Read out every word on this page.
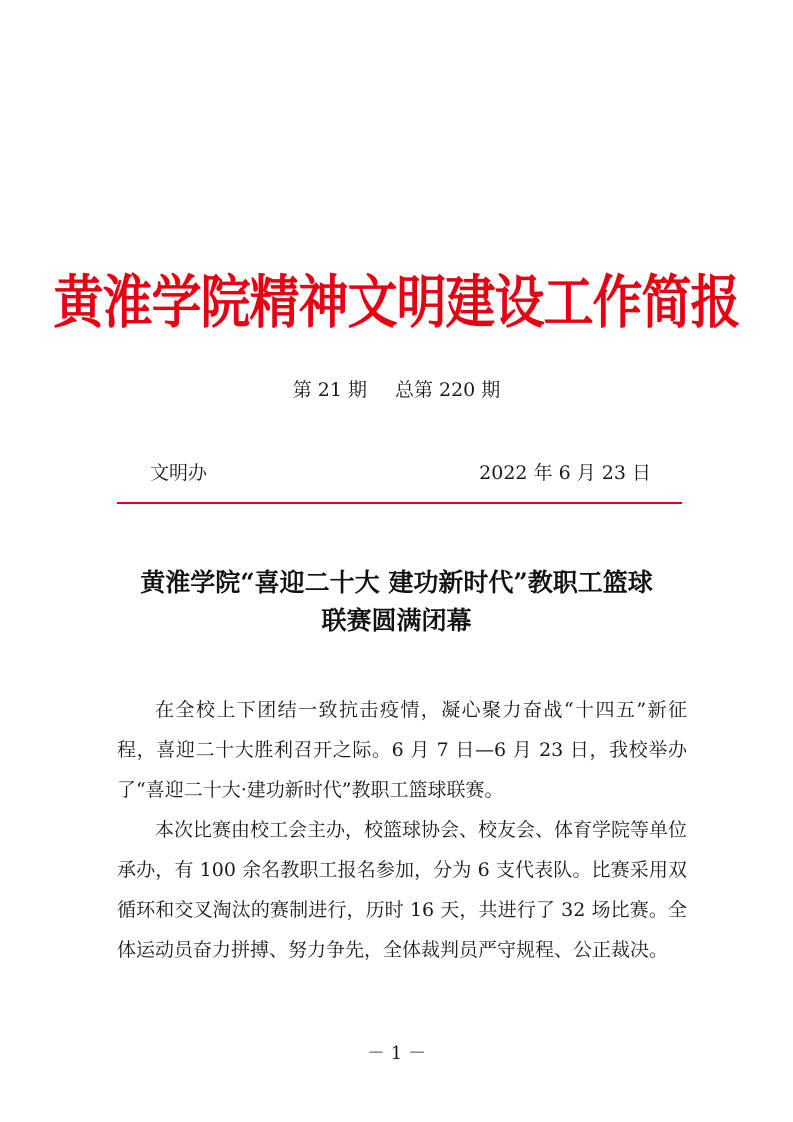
黄淮学院精神文明建设工作简报
第 21 期 总第 220 期
文明办	2022 年 6 月 23 日
黄淮学院“喜迎二十大 建功新时代”教职工篮球
联赛圆满闭幕

在全校上下团结一致抗击疫情，凝心聚力奋战“十四五”新征程，喜迎二十大胜利召开之际。6 月 7 日—6 月 23 日，我校举办了“喜迎二十大·建功新时代”教职工篮球联赛。

本次比赛由校工会主办，校篮球协会、校友会、体育学院等单位承办，有 100 余名教职工报名参加，分为 6 支代表队。比赛采用双循环和交叉淘汰的赛制进行，历时 16 天，共进行了 32 场比赛。全体运动员奋力拼搏、努力争先，全体裁判员严守规程、公正裁决。

－ 1 －
